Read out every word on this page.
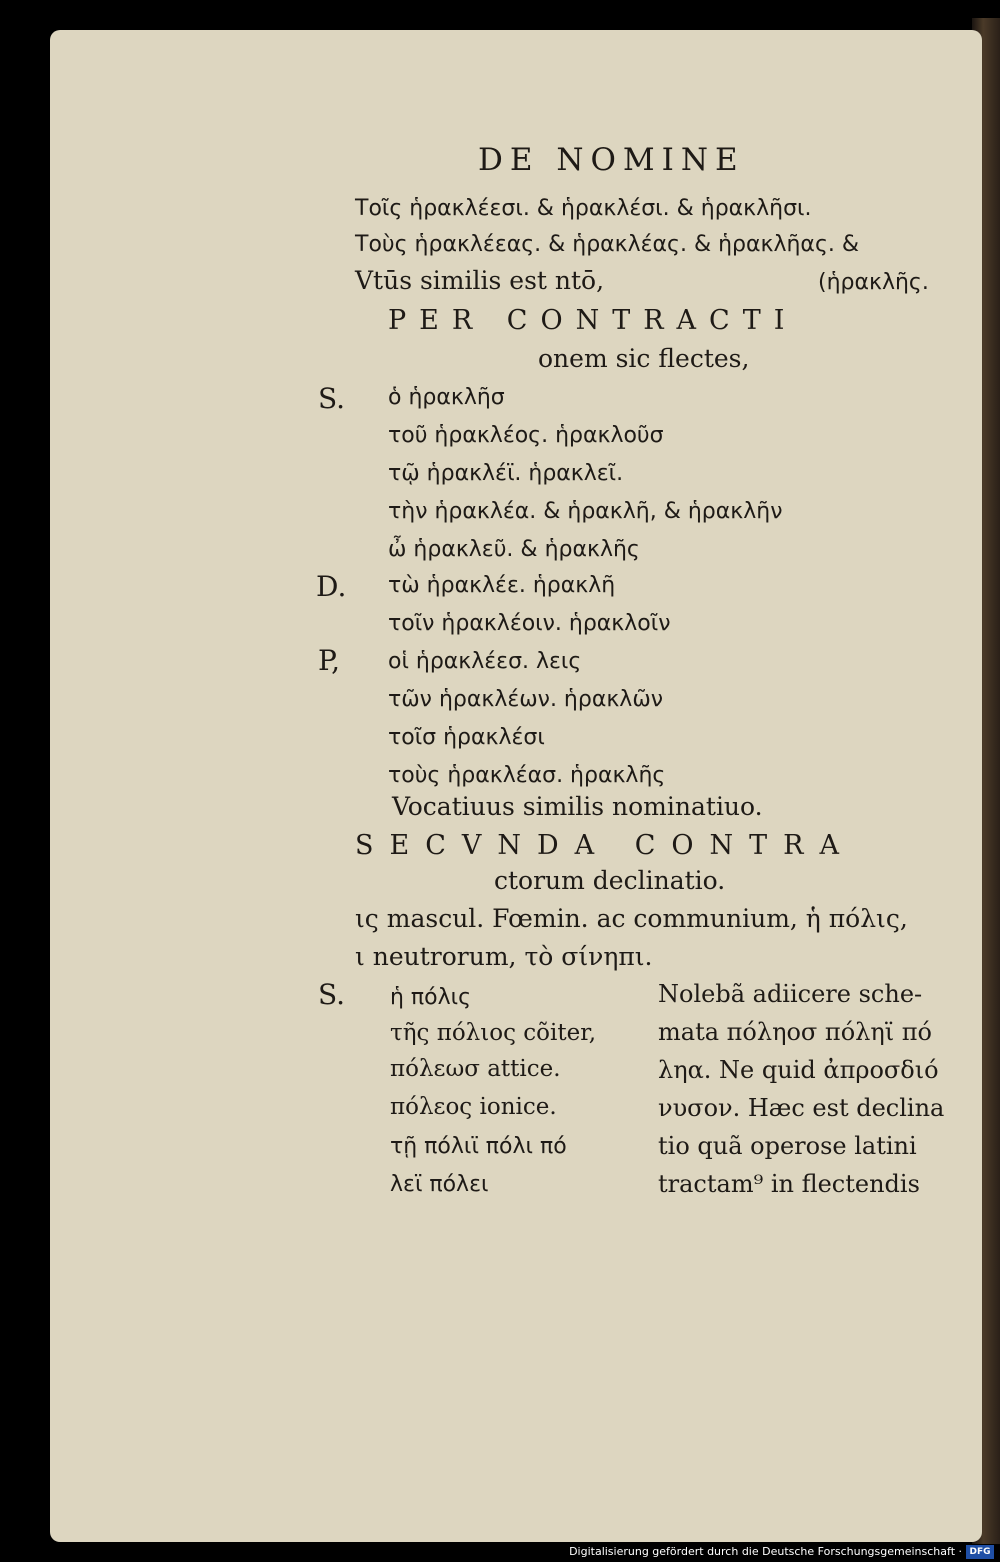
DE NOMINE
Τοῖς ἡρακλέεσι. & ἡρακλέσι. & ἡρακλῆσι.
Τοὺς ἡρακλέεας. & ἡρακλέας. & ἡρακλῆας. &
Vtūs similis est ntō,	(ἡρακλῆς.
PER CONTRACTI
onem sic flectes,
S. ὁ ἡρακλῆσ
τοῦ ἡρακλέος. ἡρακλοῦσ
τῷ ἡρακλέϊ. ἡρακλεῖ.
τὴν ἡρακλέα. & ἡρακλῆ, & ἡρακλῆν
ὦ ἡρακλεῦ. & ἡρακλῆς
D. τὼ ἡρακλέε. ἡρακλῆ
τοῖν ἡρακλέοιν. ἡρακλοῖν
P, οἱ ἡρακλέεσ. λεις
τῶν ἡρακλέων. ἡρακλῶν
τοῖσ ἡρακλέσι
τοὺς ἡρακλέασ. ἡρακλῆς
Vocatiuus similis nominatiuo.
SECVNDA CONTRA
ctorum declinatio.
ις mascul. Fœmin. ac communium, ἡ πόλις,
ι neutrorum, τὸ σίνηπι.
S. ἡ πόλις
τῆς πόλιος cõiter,
πόλεωσ attice.
πόλεος ionice.
τῇ πόλιϊ πόλι πό
λεϊ πόλει
Nolebã adiicere sche-
mata πόληοσ πόληϊ πό
ληα. Ne quid ἀπροσδιό
νυσον. Hæc est declina
tio quã operose latini
tractam⁹ in flectendis
Digitalisierung gefördert durch die Deutsche Forschungsgemeinschaft · DFG
